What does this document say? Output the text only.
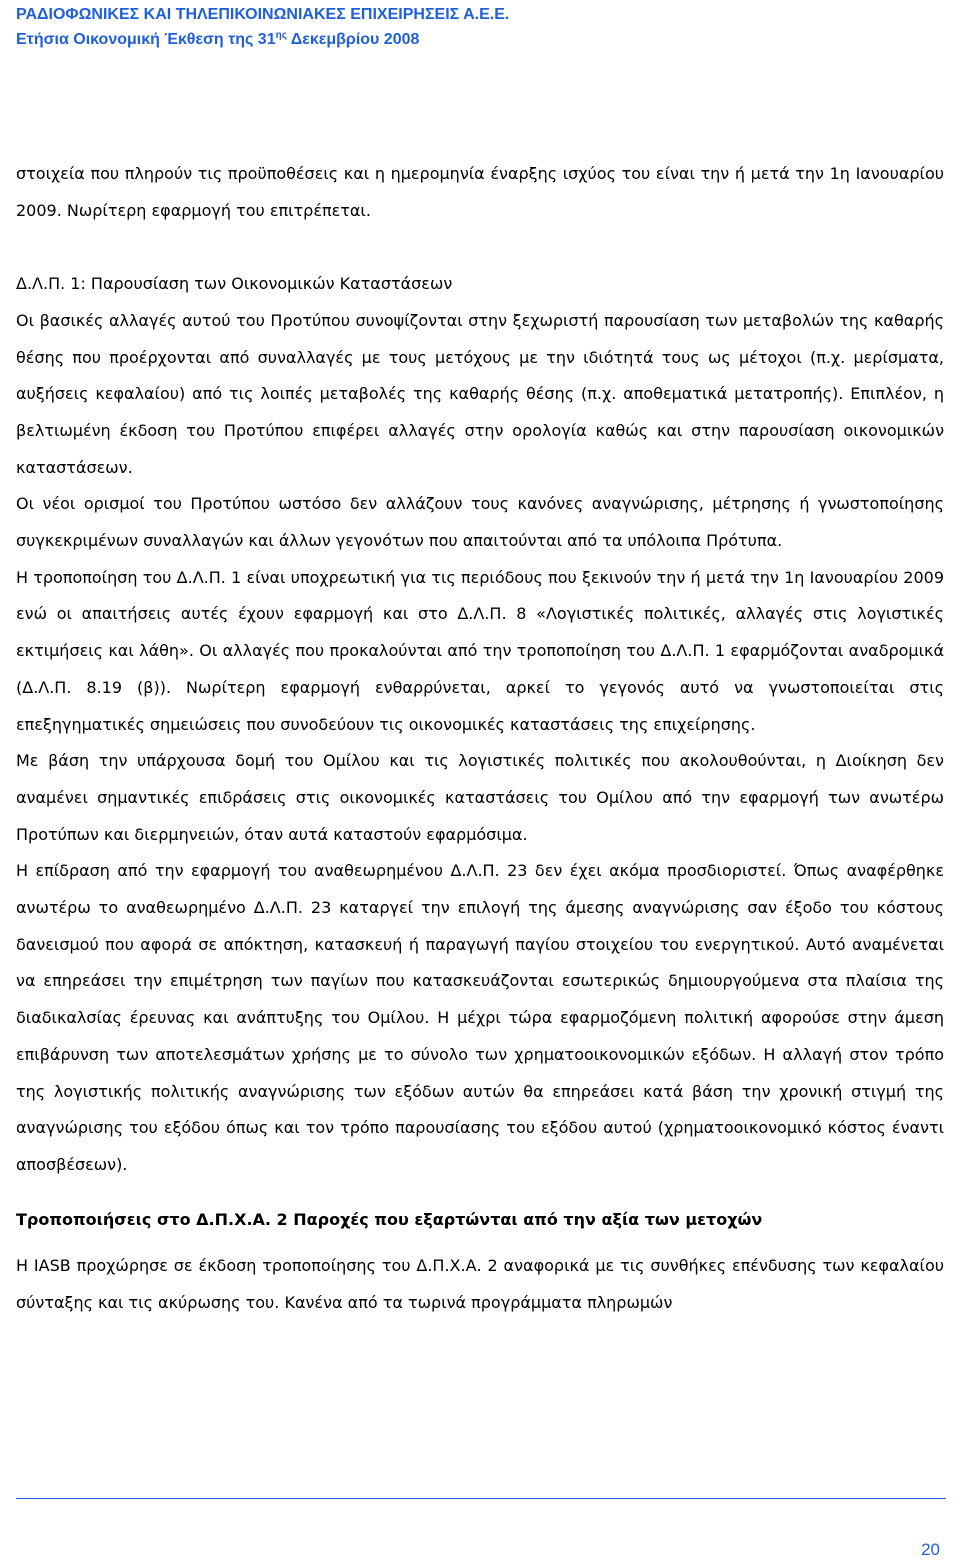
ΡΑΔΙΟΦΩΝΙΚΕΣ ΚΑΙ ΤΗΛΕΠΙΚΟΙΝΩΝΙΑΚΕΣ ΕΠΙΧΕΙΡΗΣΕΙΣ Α.Ε.Ε.
Ετήσια Οικονομική Έκθεση της $31^{\eta\varsigma}$ Δεκεμβρίου 2008

στοιχεία που πληρούν τις προϋποθέσεις και η ημερομηνία έναρξης ισχύος του είναι την ή μετά την 1η Ιανουαρίου 2009. Νωρίτερη εφαρμογή του επιτρέπεται.

Δ.Λ.Π. 1: Παρουσίαση των Οικονομικών Καταστάσεων

Οι βασικές αλλαγές αυτού του Προτύπου συνοψίζονται στην ξεχωριστή παρουσίαση των μεταβολών της καθαρής θέσης που προέρχονται από συναλλαγές με τους μετόχους με την ιδιότητά τους ως μέτοχοι (π.χ. μερίσματα, αυξήσεις κεφαλαίου) από τις λοιπές μεταβολές της καθαρής θέσης (π.χ. αποθεματικά μετατροπής). Επιπλέον, η βελτιωμένη έκδοση του Προτύπου επιφέρει αλλαγές στην ορολογία καθώς και στην παρουσίαση οικονομικών καταστάσεων.

Οι νέοι ορισμοί του Προτύπου ωστόσο δεν αλλάζουν τους κανόνες αναγνώρισης, μέτρησης ή γνωστοποίησης συγκεκριμένων συναλλαγών και άλλων γεγονότων που απαιτούνται από τα υπόλοιπα Πρότυπα.

Η τροποποίηση του Δ.Λ.Π. 1 είναι υποχρεωτική για τις περιόδους που ξεκινούν την ή μετά την 1η Ιανουαρίου 2009 ενώ οι απαιτήσεις αυτές έχουν εφαρμογή και στο Δ.Λ.Π. 8 «Λογιστικές πολιτικές, αλλαγές στις λογιστικές εκτιμήσεις και λάθη». Οι αλλαγές που προκαλούνται από την τροποποίηση του Δ.Λ.Π. 1 εφαρμόζονται αναδρομικά (Δ.Λ.Π. 8.19 (β)). Νωρίτερη εφαρμογή ενθαρρύνεται, αρκεί το γεγονός αυτό να γνωστοποιείται στις επεξηγηματικές σημειώσεις που συνοδεύουν τις οικονομικές καταστάσεις της επιχείρησης.

Με βάση την υπάρχουσα δομή του Ομίλου και τις λογιστικές πολιτικές που ακολουθούνται, η Διοίκηση δεν αναμένει σημαντικές επιδράσεις στις οικονομικές καταστάσεις του Ομίλου από την εφαρμογή των ανωτέρω Προτύπων και διερμηνειών, όταν αυτά καταστούν εφαρμόσιμα.

Η επίδραση από την εφαρμογή του αναθεωρημένου Δ.Λ.Π. 23 δεν έχει ακόμα προσδιοριστεί. Όπως αναφέρθηκε ανωτέρω το αναθεωρημένο Δ.Λ.Π. 23 καταργεί την επιλογή της άμεσης αναγνώρισης σαν έξοδο του κόστους δανεισμού που αφορά σε απόκτηση, κατασκευή ή παραγωγή παγίου στοιχείου του ενεργητικού. Αυτό αναμένεται να επηρεάσει την επιμέτρηση των παγίων που κατασκευάζονται εσωτερικώς δημιουργούμενα στα πλαίσια της διαδικαλσίας έρευνας και ανάπτυξης του Ομίλου. Η μέχρι τώρα εφαρμοζόμενη πολιτική αφορούσε στην άμεση επιβάρυνση των αποτελεσμάτων χρήσης με το σύνολο των χρηματοοικονομικών εξόδων. Η αλλαγή στον τρόπο της λογιστικής πολιτικής αναγνώρισης των εξόδων αυτών θα επηρεάσει κατά βάση την χρονική στιγμή της αναγνώρισης του εξόδου όπως και τον τρόπο παρουσίασης του εξόδου αυτού (χρηματοοικονομικό κόστος έναντι αποσβέσεων).

Τροποποιήσεις στο Δ.Π.Χ.Α. 2 Παροχές που εξαρτώνται από την αξία των μετοχών

Η IASB προχώρησε σε έκδοση τροποποίησης του Δ.Π.Χ.Α. 2 αναφορικά με τις συνθήκες επένδυσης των κεφαλαίου σύνταξης και τις ακύρωσης του. Κανένα από τα τωρινά προγράμματα πληρωμών

20
